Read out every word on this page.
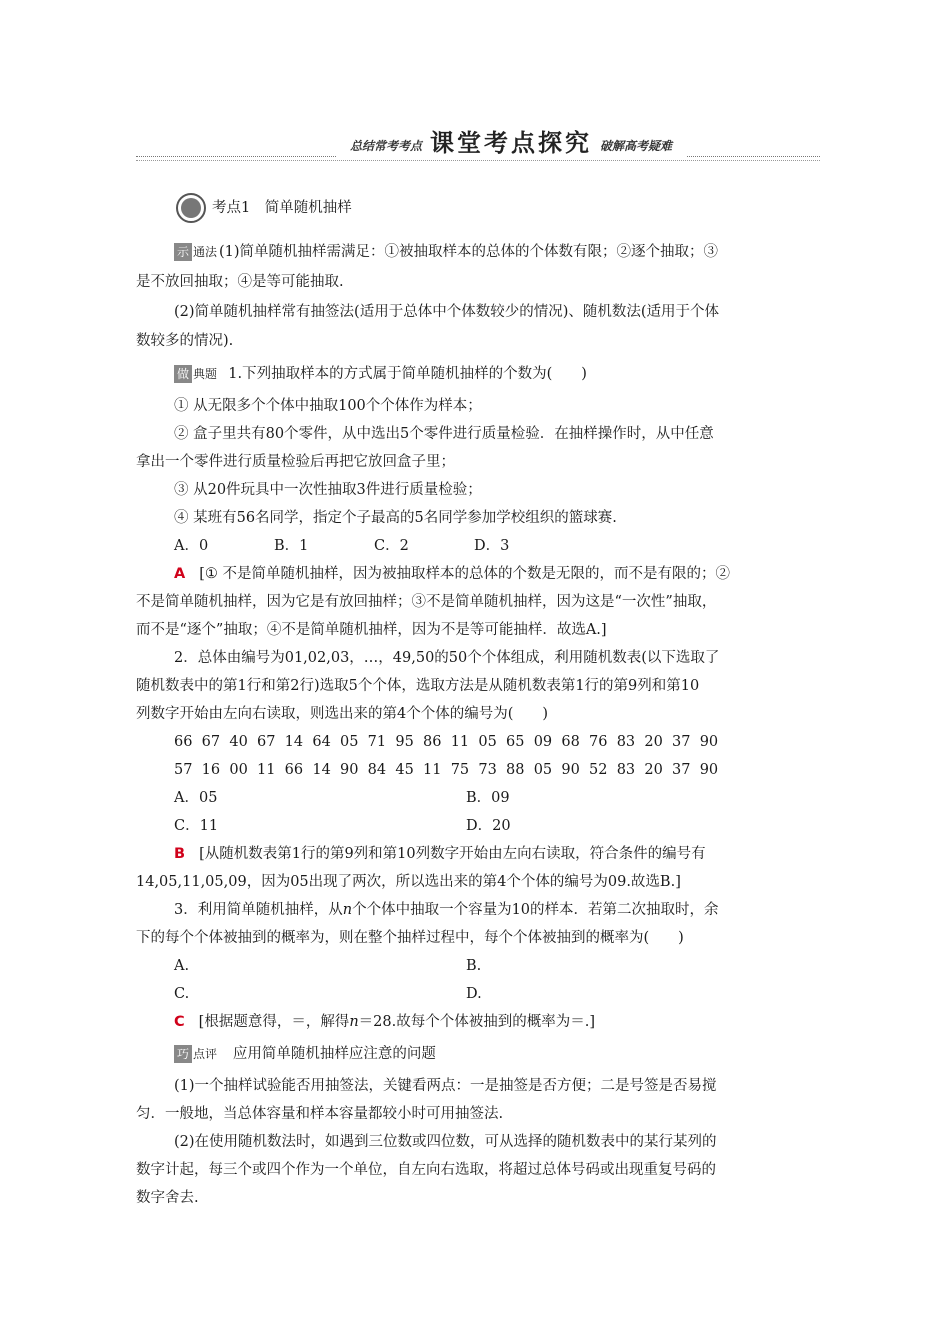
总结常考考点 课堂考点探究 破解高考疑难
考点1　简单随机抽样
示 通法 (1)简单随机抽样需满足：①被抽取样本的总体的个体数有限；②逐个抽取；③
是不放回抽取；④是等可能抽取.
(2)简单随机抽样常有抽签法(适用于总体中个体数较少的情况)、随机数法(适用于个体
数较多的情况).
做 典题 1.下列抽取样本的方式属于简单随机抽样的个数为(　　)
① 从无限多个个体中抽取100个个体作为样本；
② 盒子里共有80个零件，从中选出5个零件进行质量检验．在抽样操作时，从中任意
拿出一个零件进行质量检验后再把它放回盒子里；
③ 从20件玩具中一次性抽取3件进行质量检验；
④ 某班有56名同学，指定个子最高的5名同学参加学校组织的篮球赛.
A．0	B．1	C．2	D．3
A [① 不是简单随机抽样，因为被抽取样本的总体的个数是无限的，而不是有限的；②
不是简单随机抽样，因为它是有放回抽样；③不是简单随机抽样，因为这是“一次性”抽取，
而不是“逐个”抽取；④不是简单随机抽样，因为不是等可能抽样．故选A.]
2．总体由编号为01,02,03，…，49,50的50个个体组成，利用随机数表(以下选取了
随机数表中的第1行和第2行)选取5个个体，选取方法是从随机数表第1行的第9列和第10
列数字开始由左向右读取，则选出来的第4个个体的编号为(　　)
66  67  40  67  14  64  05  71  95  86  11  05  65  09  68  76  83  20  37  90
57  16  00  11  66  14  90  84  45  11  75  73  88  05  90  52  83  20  37  90
A．05	B．09
C．11	D．20
B [从随机数表第1行的第9列和第10列数字开始由左向右读取，符合条件的编号有
14,05,11,05,09，因为05出现了两次，所以选出来的第4个个体的编号为09.故选B.]
3．利用简单随机抽样，从n个个体中抽取一个容量为10的样本．若第二次抽取时，余
下的每个个体被抽到的概率为，则在整个抽样过程中，每个个体被抽到的概率为(　　)
A.	B.
C.	D.
C [根据题意得，＝，解得n＝28.故每个个体被抽到的概率为＝.]
巧 点评 应用简单随机抽样应注意的问题
(1)一个抽样试验能否用抽签法，关键看两点：一是抽签是否方便；二是号签是否易搅
匀．一般地，当总体容量和样本容量都较小时可用抽签法.
(2)在使用随机数法时，如遇到三位数或四位数，可从选择的随机数表中的某行某列的
数字计起，每三个或四个作为一个单位，自左向右选取，将超过总体号码或出现重复号码的
数字舍去.
